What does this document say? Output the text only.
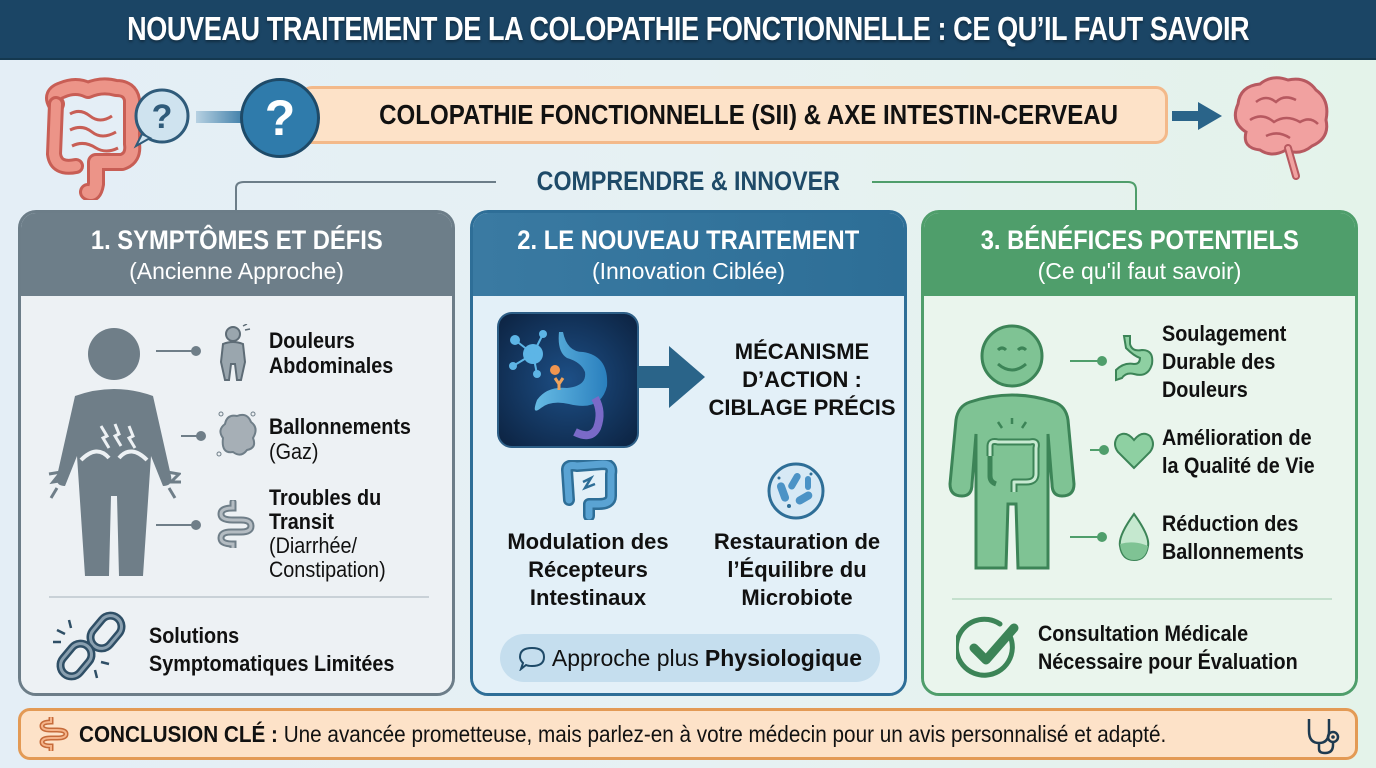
NOUVEAU TRAITEMENT DE LA COLOPATHIE FONCTIONNELLE : CE QU’IL FAUT SAVOIR
?	COLOPATHIE FONCTIONNELLE (SII) & AXE INTESTIN-CERVEAU
?
COMPRENDRE & INNOVER
1. SYMPTÔMES ET DÉFIS
(Ancienne Approche)
Douleurs
Abdominales
Ballonnements
(Gaz)
Troubles du
Transit
(Diarrhée/
Constipation)
Solutions
Symptomatiques Limitées
2. LE NOUVEAU TRAITEMENT
(Innovation Ciblée)
MÉCANISME
D’ACTION :
CIBLAGE PRÉCIS
Modulation des
Récepteurs
Intestinaux
Restauration de
l’Équilibre du
Microbiote
Approche plus Physiologique
3. BÉNÉFICES POTENTIELS
(Ce qu'il faut savoir)
Soulagement
Durable des
Douleurs
Amélioration de
la Qualité de Vie
Réduction des
Ballonnements
Consultation Médicale
Nécessaire pour Évaluation
CONCLUSION CLÉ : Une avancée prometteuse, mais parlez-en à votre médecin pour un avis personnalisé et adapté.
